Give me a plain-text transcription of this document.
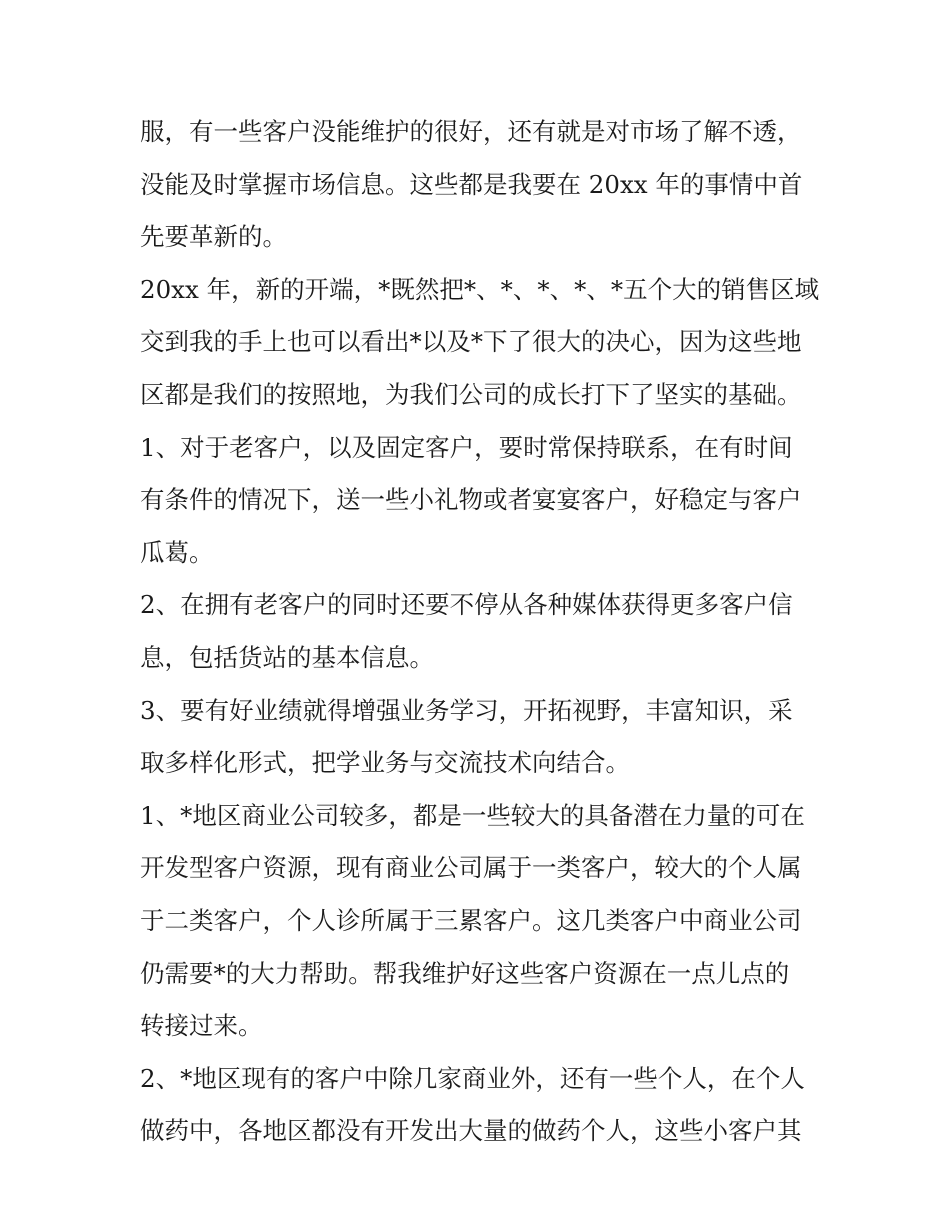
服，有一些客户没能维护的很好，还有就是对市场了解不透，
没能及时掌握市场信息。这些都是我要在 20xx 年的事情中首
先要革新的。
20xx 年，新的开端，*既然把*、*、*、*、*五个大的销售区域
交到我的手上也可以看出*以及*下了很大的决心，因为这些地
区都是我们的按照地，为我们公司的成长打下了坚实的基础。
1、对于老客户，以及固定客户，要时常保持联系，在有时间
有条件的情况下，送一些小礼物或者宴宴客户，好稳定与客户
瓜葛。
2、在拥有老客户的同时还要不停从各种媒体获得更多客户信
息，包括货站的基本信息。
3、要有好业绩就得增强业务学习，开拓视野，丰富知识，采
取多样化形式，把学业务与交流技术向结合。
1、*地区商业公司较多，都是一些较大的具备潜在力量的可在
开发型客户资源，现有商业公司属于一类客户，较大的个人属
于二类客户，个人诊所属于三累客户。这几类客户中商业公司
仍需要*的大力帮助。帮我维护好这些客户资源在一点儿点的
转接过来。
2、*地区现有的客户中除几家商业外，还有一些个人，在个人
做药中，各地区都没有开发出大量的做药个人，这些小客户其
